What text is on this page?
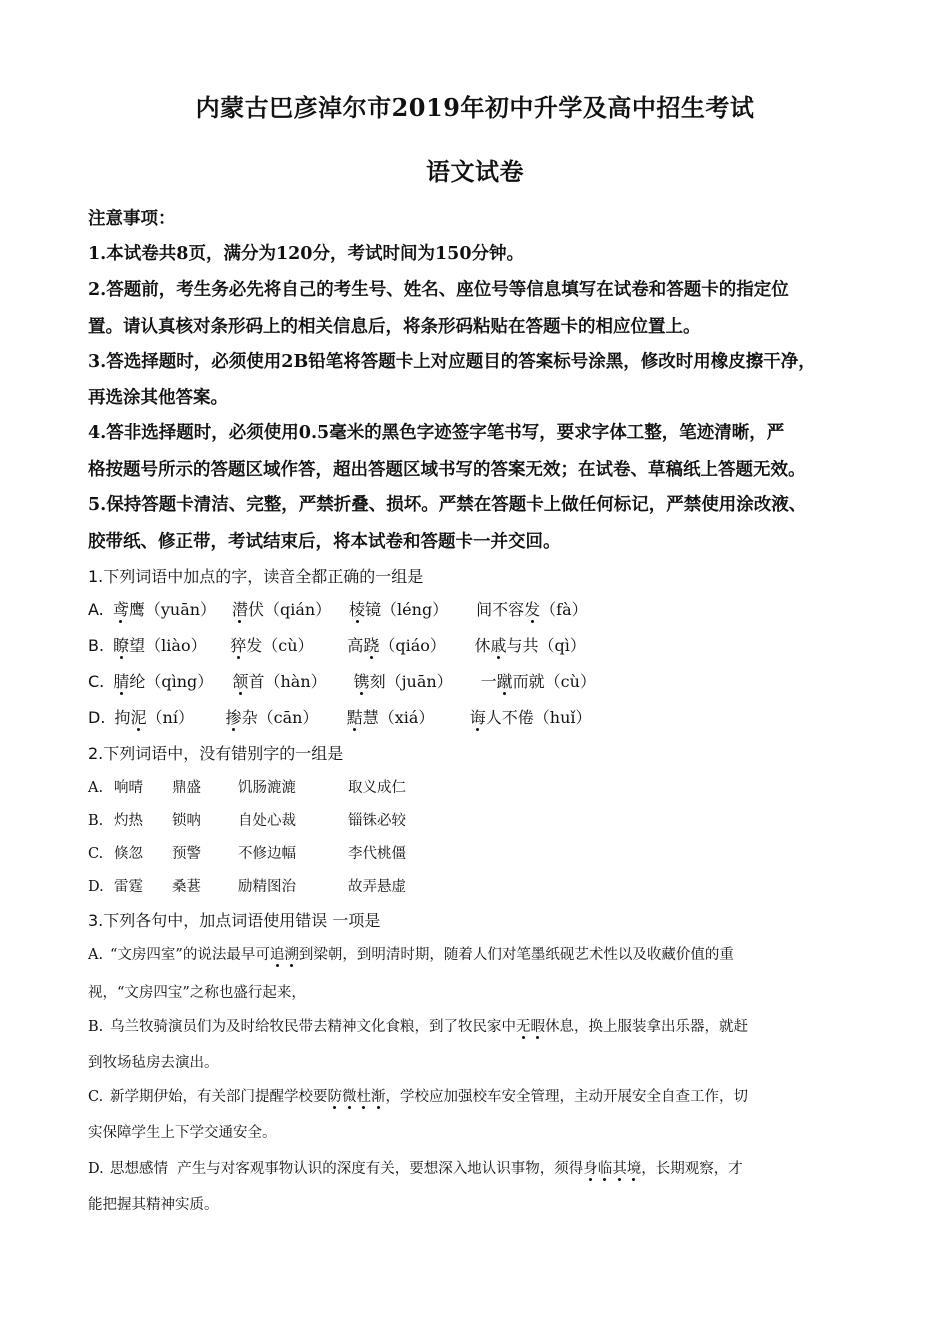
内蒙古巴彦淖尔市2019年初中升学及高中招生考试
语文试卷
注意事项：
1.本试卷共8页，满分为120分，考试时间为150分钟。
2.答题前，考生务必先将自己的考生号、姓名、座位号等信息填写在试卷和答题卡的指定位
置。请认真核对条形码上的相关信息后，将条形码粘贴在答题卡的相应位置上。
3.答选择题时，必须使用2B铅笔将答题卡上对应题目的答案标号涂黑，修改时用橡皮擦干净，
再选涂其他答案。
4.答非选择题时，必须使用0.5毫米的黑色字迹签字笔书写，要求字体工整，笔迹清晰，严
格按题号所示的答题区域作答，超出答题区域书写的答案无效；在试卷、草稿纸上答题无效。
5.保持答题卡清洁、完整，严禁折叠、损坏。严禁在答题卡上做任何标记，严禁使用涂改液、
胶带纸、修正带，考试结束后，将本试卷和答题卡一并交回。
1.下列词语中加点的字，读音全都正确的一组是
A. 鸢鹰（yuān） 潜伏（qián） 棱镜（léng） 间不容发（fà）
B. 瞭望（liào） 猝发（cù） 高跷（qiáo） 休戚与共（qì）
C. 腈纶（qìng） 颔首（hàn） 镌刻（juān） 一蹴而就（cù）
D. 拘泥（ní） 掺杂（cān） 黠慧（xiá） 诲人不倦（huǐ）
2.下列词语中，没有错别字的一组是
A. 响晴 鼎盛	饥肠漉漉	取义成仁
B. 灼热 锁呐	自处心裁	锱铢必较
C. 倏忽 预警	不修边幅	李代桃僵
D. 雷霆 桑葚	励精图治	故弄悬虚
3.下列各句中，加点词语使用错误 一项是
A. “文房四室”的说法最早可追溯到梁朝，到明清时期，随着人们对笔墨纸砚艺术性以及收藏价值的重
视，“文房四宝”之称也盛行起来，
B. 乌兰牧骑演员们为及时给牧民带去精神文化食粮，到了牧民家中无暇休息，换上服装拿出乐器，就赶
到牧场毡房去演出。
C. 新学期伊始，有关部门提醒学校要防微杜渐，学校应加强校车安全管理，主动开展安全自查工作，切
实保障学生上下学交通安全。
D. 思想感情  产生与对客观事物认识的深度有关，要想深入地认识事物，须得身临其境，长期观察，才
能把握其精神实质。
